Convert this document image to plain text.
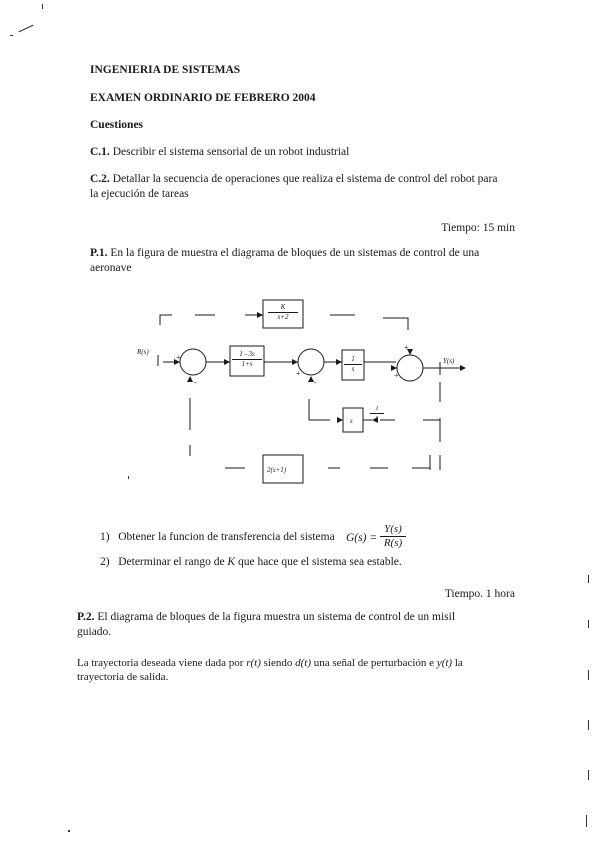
INGENIERIA DE SISTEMAS
EXAMEN ORDINARIO DE FEBRERO 2004
Cuestiones
C.1. Describir el sistema sensorial de un robot industrial
C.2. Detallar la secuencia de operaciones que realiza el sistema de control del robot para
la ejecución de tareas
Tiempo: 15 min
P.1. En la figura de muestra el diagrama de bloques de un sistemas de control de una
aeronave
R(s)
Y(s)
+
-
+
-
+
+
s
2(s+1)
$\frac{K}{s+2}$
$\frac{1 - 3s}{1+s}$	$\frac{1}{s}$
$\frac{1}{s}$
1) Obtener la funcion de transferencia del sistema $G(s) = \frac{Y(s)}{R(s)}$
2) Determinar el rango de K que hace que el sistema sea estable.
Tiempo. 1 hora
P.2. El diagrama de bloques de la figura muestra un sistema de control de un misil
guiado.
La trayectoria deseada viene dada por r(t) siendo d(t) una señal de perturbación e y(t) la
trayectoria de salida.
